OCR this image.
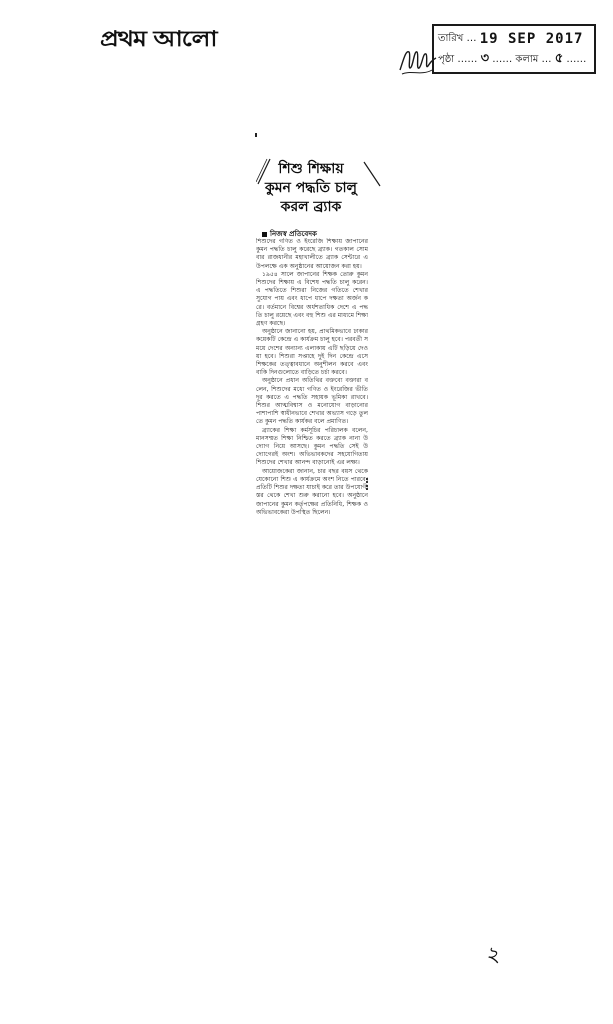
প্রথম আলো	তারিখ … 19 SEP 2017
পৃষ্ঠা …… ৩ …… কলাম … ৫ ……
শিশু শিক্ষায়
কুমন পদ্ধতি চালু
করল ব্র্যাক
নিজস্ব প্রতিবেদক

শিশুদের গণিত ও ইংরেজি শিক্ষায় জাপানের কুমন পদ্ধতি চালু করেছে ব্র্যাক। গতকাল সোমবার রাজধানীর মহাখালীতে ব্র্যাক সেন্টারে এ উপলক্ষে এক অনুষ্ঠানের আয়োজন করা হয়।

১৯৫৪ সালে জাপানের শিক্ষক তোরু কুমন শিশুদের শিক্ষায় এ বিশেষ পদ্ধতি চালু করেন। এ পদ্ধতিতে শিশুরা নিজের গতিতে শেখার সুযোগ পায় এবং ধাপে ধাপে দক্ষতা অর্জন করে। বর্তমানে বিশ্বের অর্ধশতাধিক দেশে এ পদ্ধতি চালু রয়েছে এবং বহু শিশু এর মাধ্যমে শিক্ষা গ্রহণ করছে।

অনুষ্ঠানে জানানো হয়, প্রাথমিকভাবে ঢাকার কয়েকটি কেন্দ্রে এ কার্যক্রম চালু হবে। পরবর্তী সময়ে দেশের অন্যান্য এলাকায় এটি ছড়িয়ে দেওয়া হবে। শিশুরা সপ্তাহে দুই দিন কেন্দ্রে এসে শিক্ষকের তত্ত্বাবধানে অনুশীলন করবে এবং বাকি দিনগুলোতে বাড়িতে চর্চা করবে।

অনুষ্ঠানে প্রধান অতিথির বক্তব্যে বক্তারা বলেন, শিশুদের মধ্যে গণিত ও ইংরেজির ভীতি দূর করতে এ পদ্ধতি সহায়ক ভূমিকা রাখবে। শিশুর আত্মবিশ্বাস ও মনোযোগ বাড়ানোর পাশাপাশি স্বাধীনভাবে শেখার অভ্যাস গড়ে তুলতে কুমন পদ্ধতি কার্যকর বলে প্রমাণিত।

ব্র্যাকের শিক্ষা কর্মসূচির পরিচালক বলেন, মানসম্মত শিক্ষা নিশ্চিত করতে ব্র্যাক নানা উদ্যোগ নিয়ে আসছে। কুমন পদ্ধতি সেই উদ্যোগেরই অংশ। অভিভাবকদের সহযোগিতায় শিশুদের শেখার আনন্দ বাড়ানোই এর লক্ষ্য।

আয়োজকেরা জানান, চার বছর বয়স থেকে যেকোনো শিশু এ কার্যক্রমে অংশ নিতে পারবে। প্রতিটি শিশুর দক্ষতা যাচাই করে তার উপযোগী স্তর থেকে শেখা শুরু করানো হবে। অনুষ্ঠানে জাপানের কুমন কর্তৃপক্ষের প্রতিনিধি, শিক্ষক ও অভিভাবকেরা উপস্থিত ছিলেন।

২
